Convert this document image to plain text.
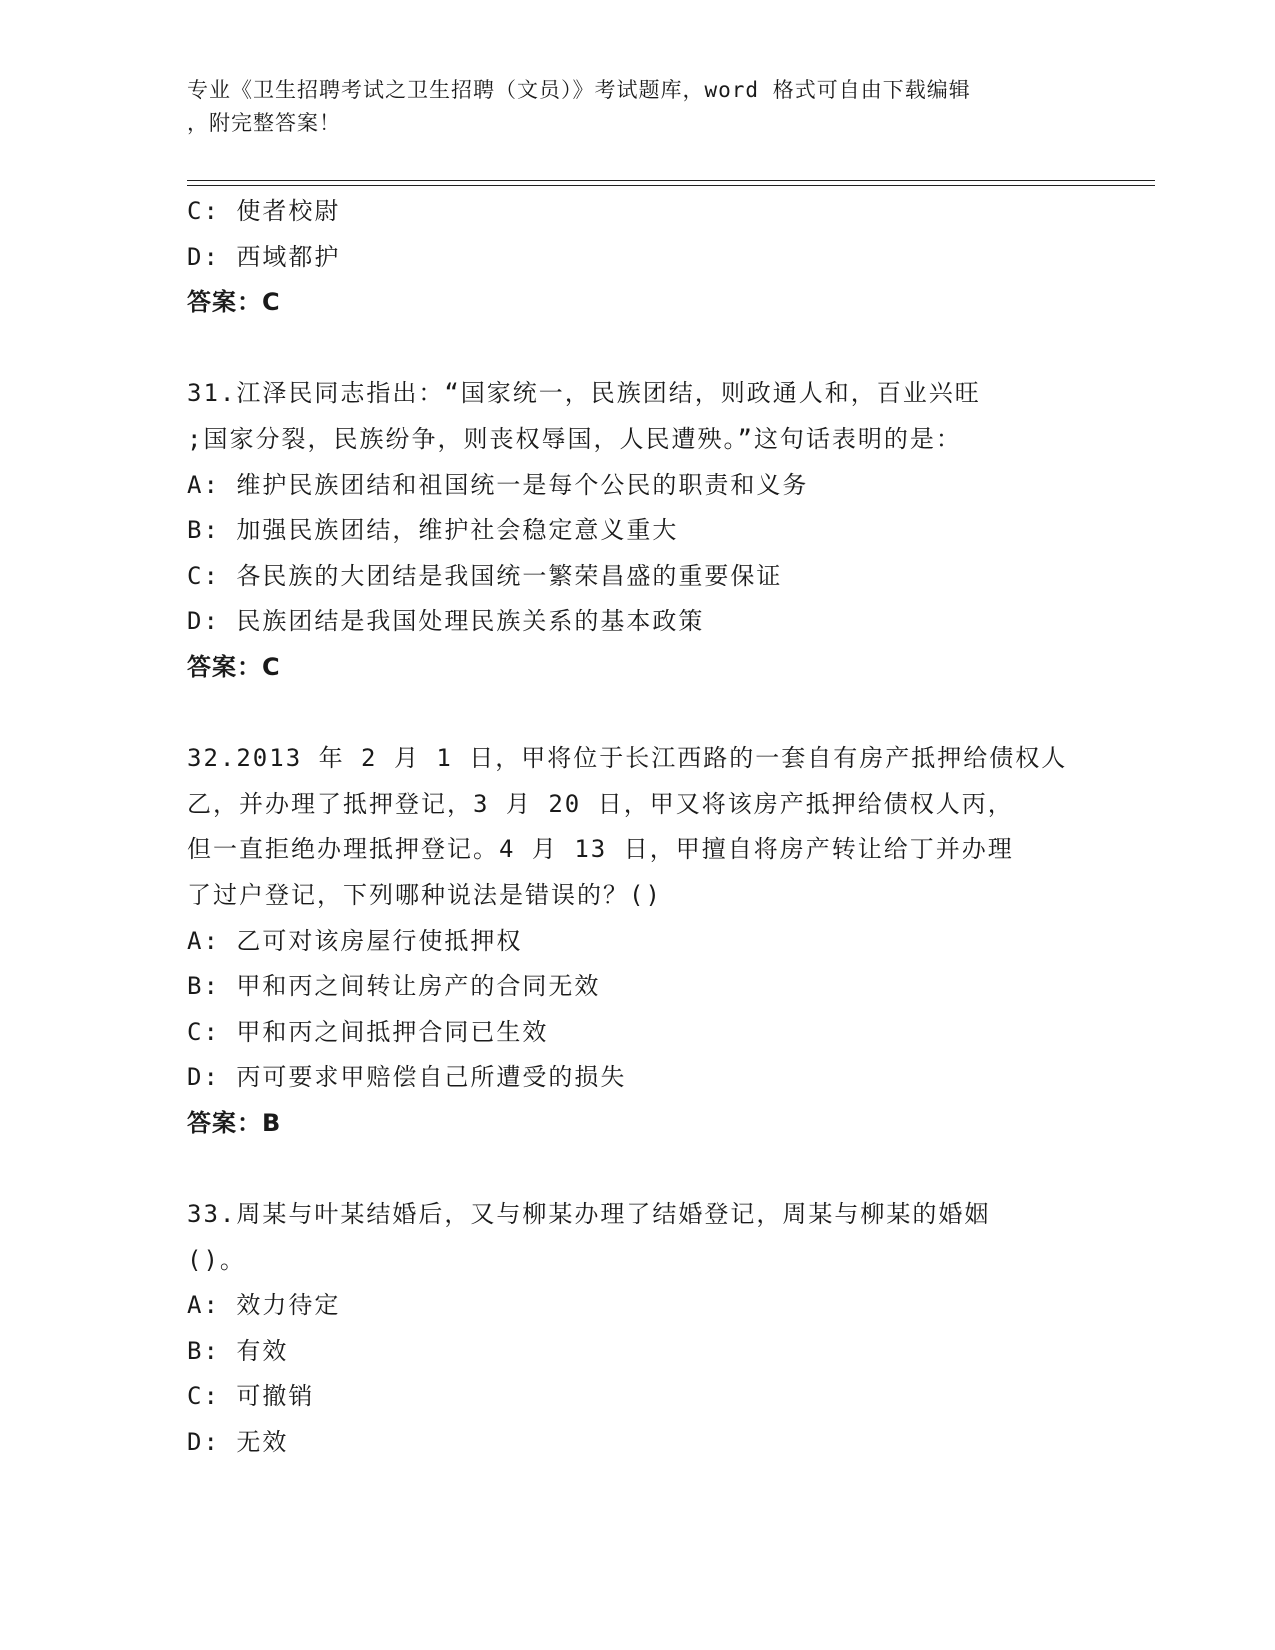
专业《卫生招聘考试之卫生招聘（文员）》考试题库，word 格式可自由下载编辑
，附完整答案！
C: 使者校尉
D: 西域都护
答案：C
31.江泽民同志指出：“国家统一，民族团结，则政通人和，百业兴旺
;国家分裂，民族纷争，则丧权辱国，人民遭殃。”这句话表明的是：
A: 维护民族团结和祖国统一是每个公民的职责和义务
B: 加强民族团结，维护社会稳定意义重大
C: 各民族的大团结是我国统一繁荣昌盛的重要保证
D: 民族团结是我国处理民族关系的基本政策
答案：C
32.2013 年 2 月 1 日，甲将位于长江西路的一套自有房产抵押给债权人
乙，并办理了抵押登记，3 月 20 日，甲又将该房产抵押给债权人丙，
但一直拒绝办理抵押登记。4 月 13 日，甲擅自将房产转让给丁并办理
了过户登记，下列哪种说法是错误的？()
A: 乙可对该房屋行使抵押权
B: 甲和丙之间转让房产的合同无效
C: 甲和丙之间抵押合同已生效
D: 丙可要求甲赔偿自己所遭受的损失
答案：B
33.周某与叶某结婚后，又与柳某办理了结婚登记，周某与柳某的婚姻
()。
A: 效力待定
B: 有效
C: 可撤销
D: 无效
